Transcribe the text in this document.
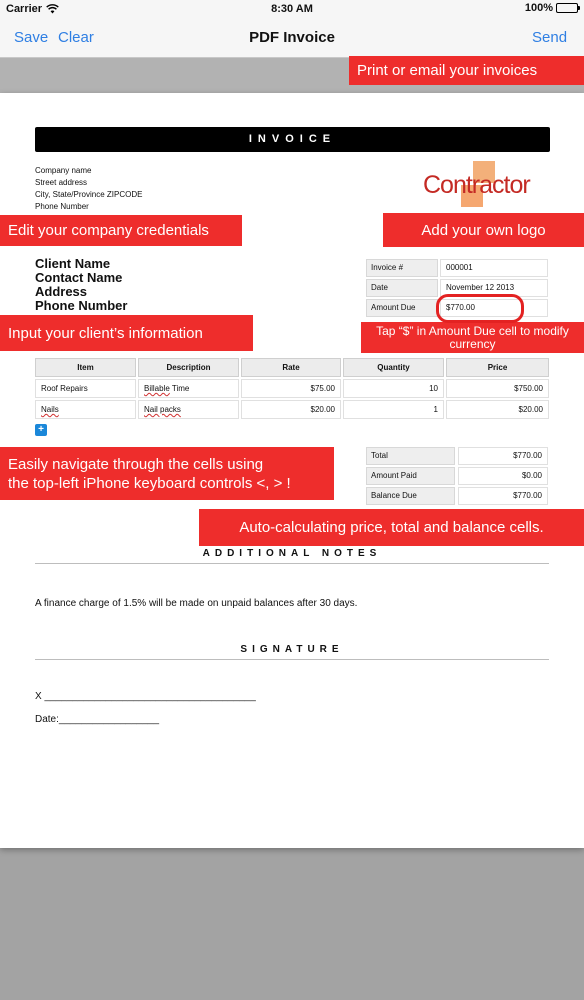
Carrier	8:30 AM	100%
Save Clear	PDF Invoice	Send
INVOICE
Company name
Street address
City, State/Province ZIPCODE
Phone Number
Contractor
Client Name
Contact Name
Address
Phone Number
Invoice #	000001
Date	November 12 2013
Amount Due	$770.00
Item	Description	Rate	Quantity	Price
Roof Repairs	Billable Time	$75.00	10	$750.00
Nails	Nail packs	$20.00	1	$20.00
+
Total	$770.00
Amount Paid	$0.00
Balance Due	$770.00
ADDITIONAL NOTES
A finance charge of 1.5% will be made on unpaid balances after 30 days.
SIGNATURE
X ______________________________________
Date:__________________
Print or email your invoices
Edit your company credentials	Add your own logo
Input your client’s information	Tap “$” in Amount Due cell to modify currency
Easily navigate through the cells using
the top-left iPhone keyboard controls <, > !
Auto-calculating price, total and balance cells.
